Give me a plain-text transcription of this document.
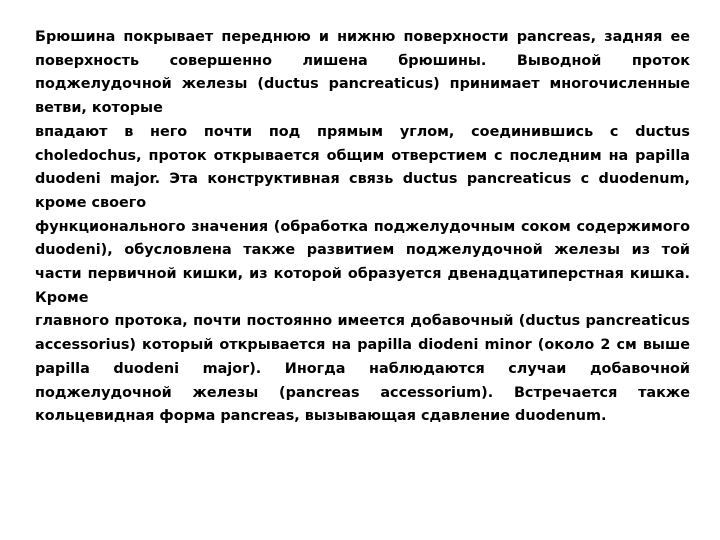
Брюшина покрывает переднюю и нижню поверхности pancreas, задняя ее поверхность совершенно лишена брюшины. Выводной проток поджелудочной железы (ductus pancreaticus) принимает многочисленные ветви, которые

впадают в него почти под прямым углом, соединившись с ductus choledochus, проток открывается общим отверстием с последним на papilla duodeni major. Эта конструктивная связь ductus pancreaticus с duodenum, кроме своего

функционального значения (обработка поджелудочным соком содержимого duodeni), обусловлена также развитием поджелудочной железы из той части первичной кишки, из которой образуется двенадцатиперстная кишка. Кроме

главного протока, почти постоянно имеется добавочный (ductus pancreaticus accessorius) который открывается на papilla diodeni minor (около 2 см выше papilla duodeni major). Иногда наблюдаются случаи добавочной поджелудочной железы (pancreas accessorium). Встречается также кольцевидная форма pancreas, вызывающая сдавление duodenum.
